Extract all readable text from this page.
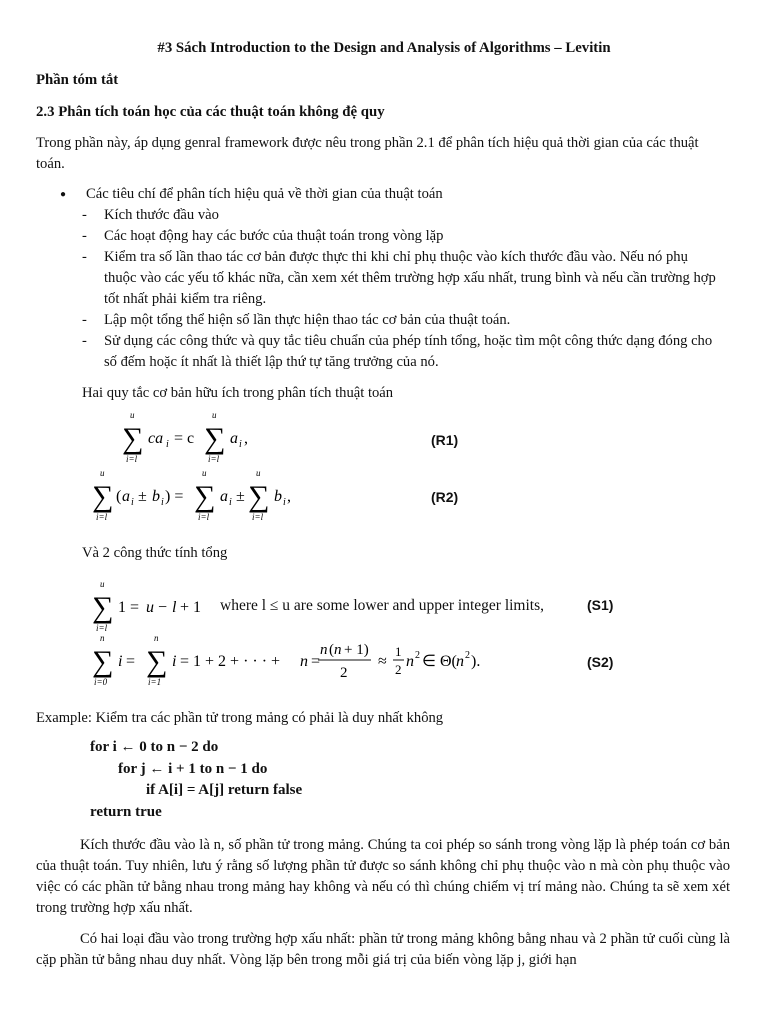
#3 Sách Introduction to the Design and Analysis of Algorithms – Levitin
Phần tóm tắt
2.3 Phân tích toán học của các thuật toán không đệ quy
Trong phần này, áp dụng genral framework được nêu trong phần 2.1 để phân tích hiệu quả thời gian của các thuật toán.
● Các tiêu chí để phân tích hiệu quả về thời gian của thuật toán
- Kích thước đầu vào
- Các hoạt động hay các bước của thuật toán trong vòng lặp
- Kiểm tra số lần thao tác cơ bản được thực thi khi chỉ phụ thuộc vào kích thước đầu vào. Nếu nó phụ thuộc vào các yếu tố khác nữa, cần xem xét thêm trường hợp xấu nhất, trung bình và nếu cần trường hợp tốt nhất phải kiểm tra riêng.
- Lập một tổng thể hiện số lần thực hiện thao tác cơ bản của thuật toán.
- Sử dụng các công thức và quy tắc tiêu chuẩn của phép tính tổng, hoặc tìm một công thức dạng đóng cho số đếm hoặc ít nhất là thiết lập thứ tự tăng trưởng của nó.
Hai quy tắc cơ bản hữu ích trong phân tích thuật toán
u
∑
i=l
ca i = c
u
∑
i=l
a i ,	(R1)
u
∑
i=l
( a i ± b i ) =
u
∑
i=l
a i ±
u
∑
i=l
b i ,	(R2)
Và 2 công thức tính tổng
u
∑
i=l
1 = u − l + 1 where l ≤ u are some lower and upper integer limits,	(S1)
n
∑
i=0
i =
n
∑
i=1
i = 1 + 2 + · · · + n =
n ( n + 1)
2
≈
1
2 n 2 ∈ Θ( n 2 ).	(S2)
Example: Kiểm tra các phần tử trong mảng có phải là duy nhất không
for i ← 0 to n − 2 do
for j ← i + 1 to n − 1 do
if A[i] = A[j] return false
return true
Kích thước đầu vào là n, số phần tử trong mảng. Chúng ta coi phép so sánh trong vòng lặp là phép toán cơ bản của thuật toán. Tuy nhiên, lưu ý rằng số lượng phần tử được so sánh không chỉ phụ thuộc vào n mà còn phụ thuộc vào việc có các phần tử bằng nhau trong mảng hay không và nếu có thì chúng chiếm vị trí mảng nào. Chúng ta sẽ xem xét trong trường hợp xấu nhất.
Có hai loại đầu vào trong trường hợp xấu nhất: phần tử trong mảng không bằng nhau và 2 phần tử cuối cùng là cặp phần tử bằng nhau duy nhất. Vòng lặp bên trong mỗi giá trị của biến vòng lặp j, giới hạn
